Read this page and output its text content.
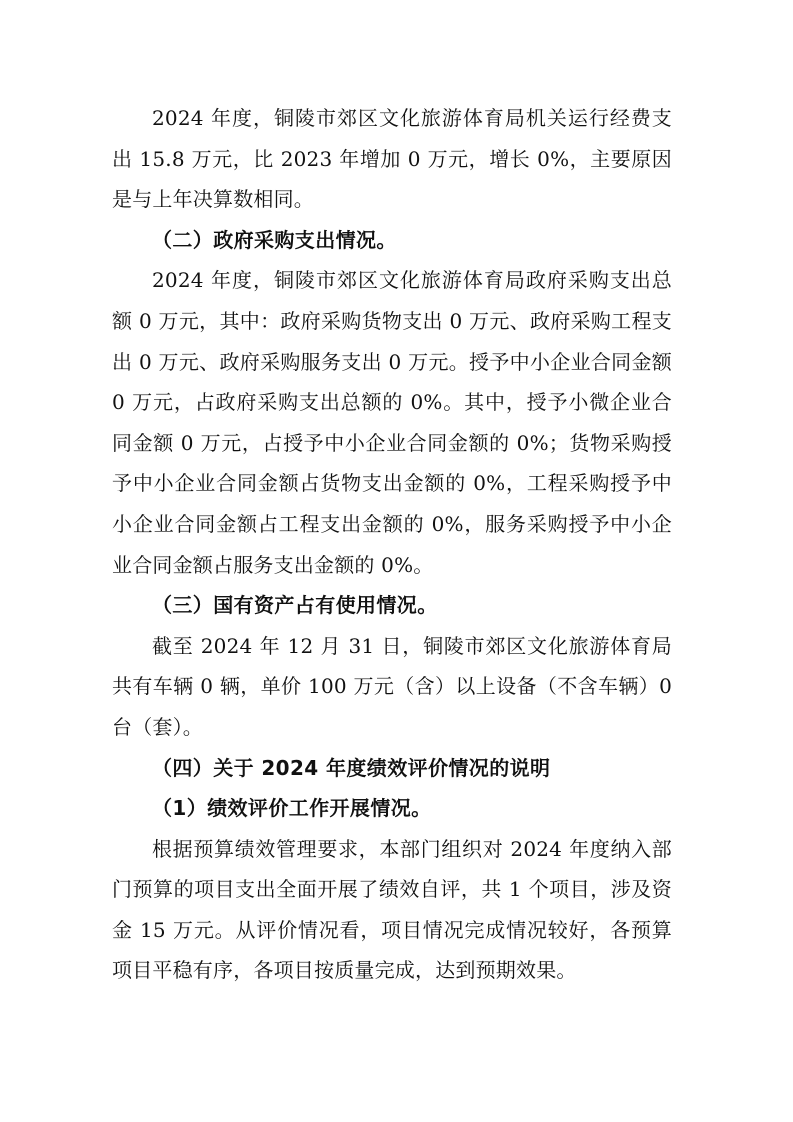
2024 年度，铜陵市郊区文化旅游体育局机关运行经费支出 15.8 万元，比 2023 年增加 0 万元，增长 0%，主要原因是与上年决算数相同。

（二）政府采购支出情况。

2024 年度，铜陵市郊区文化旅游体育局政府采购支出总额 0 万元，其中：政府采购货物支出 0 万元、政府采购工程支出 0 万元、政府采购服务支出 0 万元。授予中小企业合同金额 0 万元，占政府采购支出总额的 0%。其中，授予小微企业合同金额 0 万元，占授予中小企业合同金额的 0%；货物采购授予中小企业合同金额占货物支出金额的 0%，工程采购授予中小企业合同金额占工程支出金额的 0%，服务采购授予中小企业合同金额占服务支出金额的 0%。

（三）国有资产占有使用情况。

截至 2024 年 12 月 31 日，铜陵市郊区文化旅游体育局共有车辆 0 辆，单价 100 万元（含）以上设备（不含车辆）0 台（套）。

（四）关于 2024 年度绩效评价情况的说明

（1）绩效评价工作开展情况。

根据预算绩效管理要求，本部门组织对 2024 年度纳入部门预算的项目支出全面开展了绩效自评，共 1 个项目，涉及资金 15 万元。从评价情况看，项目情况完成情况较好，各预算项目平稳有序，各项目按质量完成，达到预期效果。
